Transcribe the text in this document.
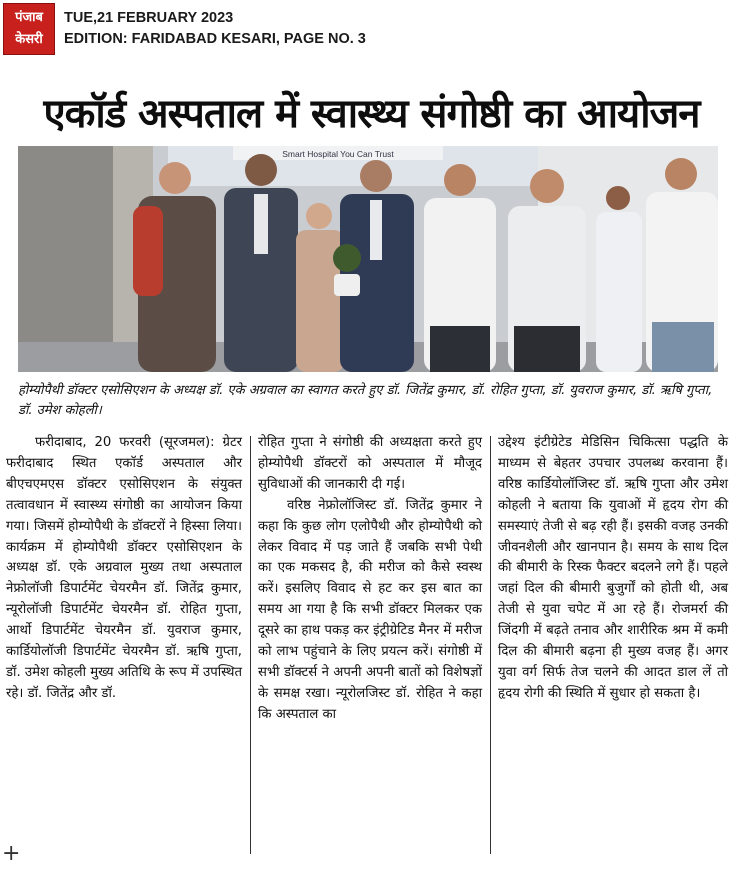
पंजाब
केसरी
TUE,21 FEBRUARY 2023
EDITION: FARIDABAD KESARI, PAGE NO. 3
एकॉर्ड अस्पताल में स्वास्थ्य संगोष्ठी का आयोजन
Smart Hospital You Can Trust
होम्योपैथी डॉक्टर एसोसिएशन के अध्यक्ष डॉ. एके अग्रवाल का स्वागत करते हुए डॉ. जितेंद्र कुमार, डॉ. रोहित गुप्ता, डॉ. युवराज कुमार, डॉ. ऋषि गुप्ता, डॉ. उमेश कोहली।

फरीदाबाद, 20 फरवरी (सूरजमल): ग्रेटर फरीदाबाद स्थित एकॉर्ड अस्पताल और बीएचएमएस डॉक्टर एसोसिएशन के संयुक्त तत्वावधान में स्वास्थ्य संगोष्ठी का आयोजन किया गया। जिसमें होम्योपैथी के डॉक्टरों ने हिस्सा लिया। कार्यक्रम में होम्योपैथी डॉक्टर एसोसिएशन के अध्यक्ष डॉ. एके अग्रवाल मुख्य तथा अस्पताल नेफ्रोलॉजी डिपार्टमेंट चेयरमैन डॉ. जितेंद्र कुमार, न्यूरोलॉजी डिपार्टमेंट चेयरमैन डॉ. रोहित गुप्ता, आर्थो डिपार्टमेंट चेयरमैन डॉ. युवराज कुमार, कार्डियोलॉजी डिपार्टमेंट चेयरमैन डॉ. ऋषि गुप्ता, डॉ. उमेश कोहली मुख्य अतिथि के रूप में उपस्थित रहे। डॉ. जितेंद्र और डॉ.

रोहित गुप्ता ने संगोष्ठी की अध्यक्षता करते हुए होम्योपैथी डॉक्टरों को अस्पताल में मौजूद सुविधाओं की जानकारी दी गई।

वरिष्ठ नेफ्रोलॉजिस्ट डॉ. जितेंद्र कुमार ने कहा कि कुछ लोग एलोपैथी और होम्योपैथी को लेकर विवाद में पड़ जाते हैं जबकि सभी पेथी का एक मकसद है, की मरीज को कैसे स्वस्थ करें। इसलिए विवाद से हट कर इस बात का समय आ गया है कि सभी डॉक्टर मिलकर एक दूसरे का हाथ पकड़ कर इंट्रीग्रेटिड मैनर में मरीज को लाभ पहुंचाने के लिए प्रयत्न करें। संगोष्ठी में सभी डॉक्टर्स ने अपनी अपनी बातों को विशेषज्ञों के समक्ष रखा। न्यूरोलजिस्ट डॉ. रोहित ने कहा कि अस्पताल का

उद्देश्य इंटीग्रेटेड मेडिसिन चिकित्सा पद्धति के माध्यम से बेहतर उपचार उपलब्ध करवाना हैं। वरिष्ठ कार्डियोलॉजिस्ट डॉ. ऋषि गुप्ता और उमेश कोहली ने बताया कि युवाओं में हृदय रोग की समस्याएं तेजी से बढ़ रही हैं। इसकी वजह उनकी जीवनशैली और खानपान है। समय के साथ दिल की बीमारी के रिस्क फैक्टर बदलने लगे हैं। पहले जहां दिल की बीमारी बुजुर्गों को होती थी, अब तेजी से युवा चपेट में आ रहे हैं। रोजमर्रा की जिंदगी में बढ़ते तनाव और शारीरिक श्रम में कमी दिल की बीमारी बढ़ना ही मुख्य वजह हैं। अगर युवा वर्ग सिर्फ तेज चलने की आदत डाल लें तो हृदय रोगी की स्थिति में सुधार हो सकता है।

+
